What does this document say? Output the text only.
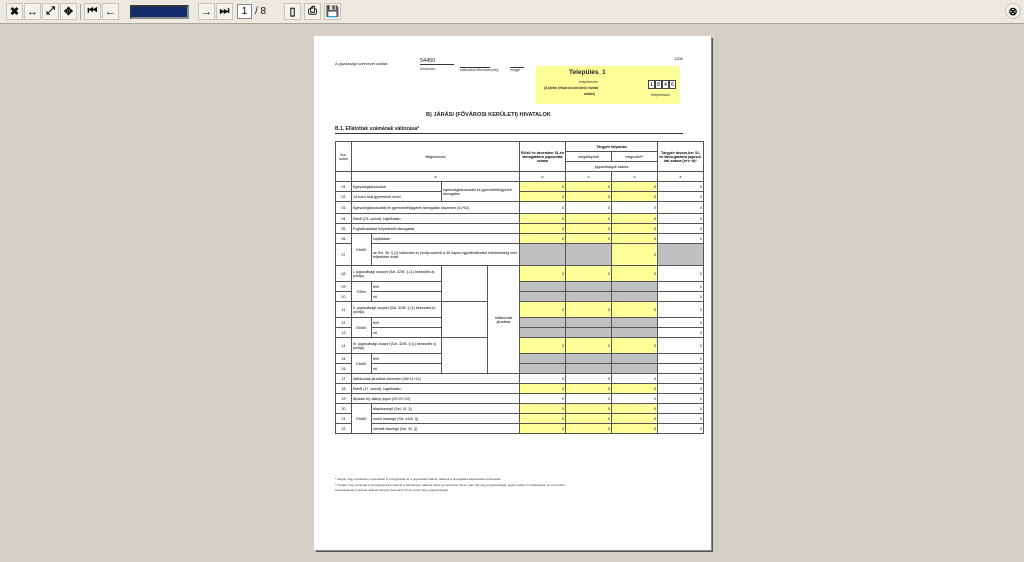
✖ ↔ ⤢ ✥	⏮ ←	→ ⏭
1	/ 8	▯	⎙ 💾	⊗
1206
A gazdasági szervezet adatai:	54450
törzsszám	statisztikai főtevékenység	megye	Település_1
településnév
(A járási (fővárosi kerületi) hivatal
adatai)
1 8 4 6
településkód
B) JÁRÁSI (FŐVÁROSI KERÜLETI) HIVATALOK
B.1. Ellátottak számának változása*
Sor-szám	Megnevezés				Előző év december 31-én támogatásra jogosultak száma	Tárgyév folyamán		Tárgyév decem-ber 31-én támo-gatásra jogosul-tak száma (b+c−d)*
						megállapított	megszűnt**	
						jogosultságok száma		
	a				b	c	d	e
01	Egészségkárosodott		egészségkárosodási és gyermekfelügyeleti támogatás		0	0	0	0
02	14 éven aluli gyermeket nevel				0	0	0	0
03	Egészségkárosodási és gyermekfelügyeleti támogatás összesen (01+02)				0	0	0	0
04	Ebből (03. sorból): hajléktalan				0	0	0	0
05	Foglalkoztatást helyettesítő támogatás				0	0	0	0
06	Ebből:	hajléktalan			0	0	0	0
07		az Szt. 36. § (2) bekezdés e) pontja szerinti a 30 napos együttműködési kötelezettség nem teljesítése miatt					0	
08	I. jogosultsági csoport (Szt. 32/B. § (1) bekezdés a) pontja)			Időskorúak járadéka	0	0	0	0
09	Fő/év	férfi						0
10		nő						0
11	II. jogosultsági csoport (Szt. 32/B. § (1) bekezdés b) pontja)				0	0	0	0
12	Ebből:	férfi						0
13		nő						0
14	III. jogosultsági csoport (Szt. 32/B. § (1) bekezdés c) pontja)				0	0	0	0
15	Ebből:	férfi						0
16		nő						0
17	Időskorúak járadéka összesen (08+11+14)				0	0	0	0
18	Ebből (17. sorból): hajléktalan				0	0	0	0
19	Ápolási díj, alanyi jogon (20+21+22)				0	0	0	0
20	Ebből:	alapösszegű (Szt. 41. §)			0	0	0	0
21		emelt összegű (Szt. 43/A. §)			0	0	0	0
22		kiemelt összegű (Szt. 42. §)			0	0	0	0
* Kérjük, hogy szeleknek a számában is a tárgyévben ki is jogosultak határok, akiknek a támogatása kapcsolatos szüneteltet!
** Kérjük, hogy azoknak a személyeknek a számát is feltüntesse, akiknek előző év december 31-én után vált meg a jogosultsága, egyben akkor és feltüntetést, és ezen kívül
személyeknek a számát, akiknek tárgyév december 31-én szűnt meg a jogosultsága!
